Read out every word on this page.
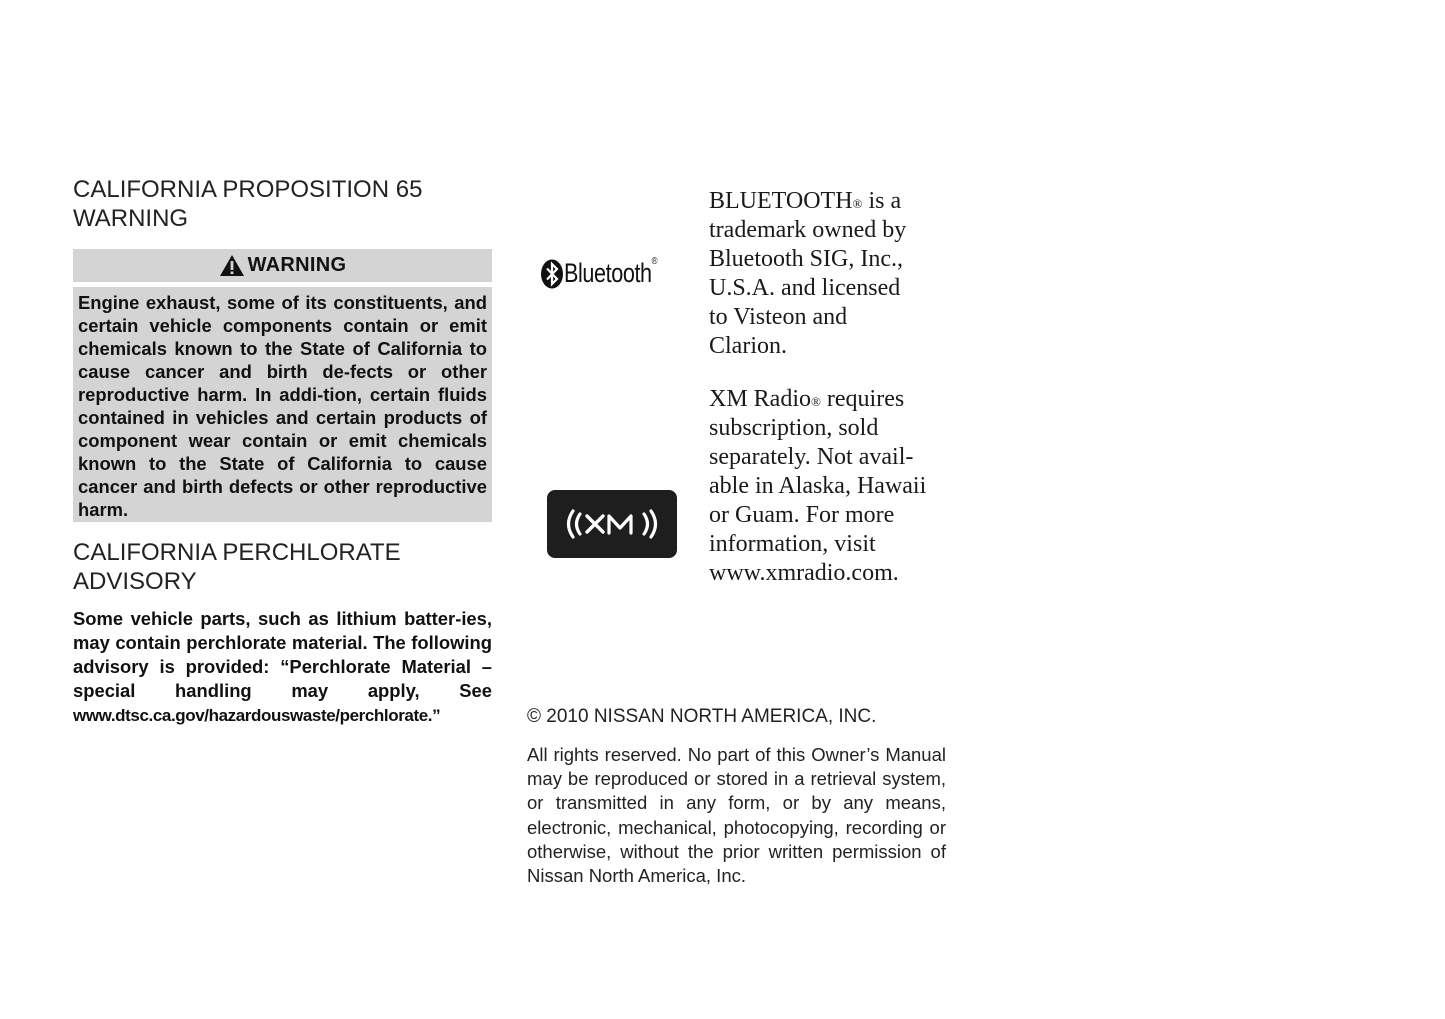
CALIFORNIA PROPOSITION 65
WARNING
WARNING
Engine exhaust, some of its constituents, and certain vehicle components contain or emit chemicals known to the State of California to cause cancer and birth de-fects or other reproductive harm. In addi-tion, certain fluids contained in vehicles and certain products of component wear contain or emit chemicals known to the State of California to cause cancer and birth defects or other reproductive harm.
CALIFORNIA PERCHLORATE
ADVISORY
Some vehicle parts, such as lithium batter-ies, may contain perchlorate material. The following advisory is provided: “Perchlorate Material – special handling may apply, See www.dtsc.ca.gov/hazardouswaste/perchlorate.”
Bluetooth®
BLUETOOTH® is a
trademark owned by
Bluetooth SIG, Inc.,
U.S.A. and licensed
to Visteon and
Clarion.
XM Radio® requires
subscription, sold
separately. Not avail-
able in Alaska, Hawaii
or Guam. For more
information, visit
www.xmradio.com.
© 2010 NISSAN NORTH AMERICA, INC.
All rights reserved. No part of this Owner’s Manual may be reproduced or stored in a retrieval system, or transmitted in any form, or by any means, electronic, mechanical, photocopying, recording or otherwise, without the prior written permission of Nissan North America, Inc.
